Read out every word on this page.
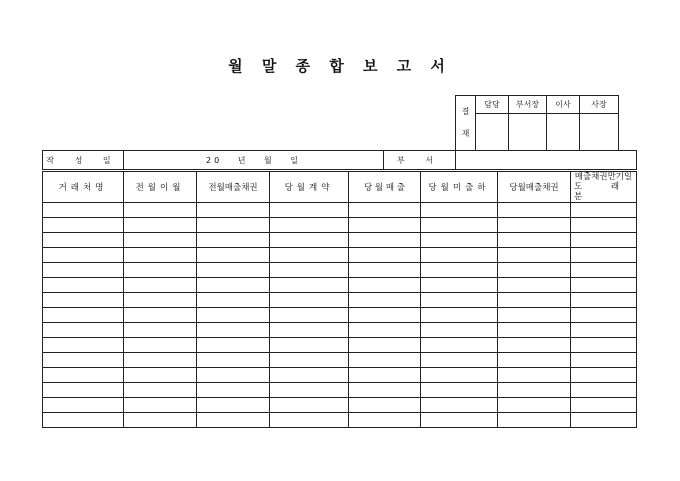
월 말 종 합 보 고 서
결
재	담당	부서장	이사	사장

작 성 일	20 년 월 일	부 서	
거래처명	전월이월	전월매출채권	당월계약	당 월 매 출	당월미출하	당월매출채권	매출채권만기일
도 래 분
